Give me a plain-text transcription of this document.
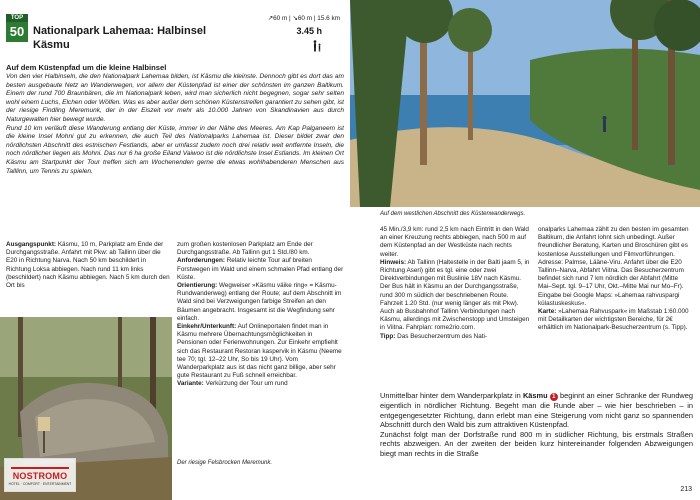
TOP
50
↗60 m | ↘60 m | 15.6 km
Nationalpark Lahemaa: Halbinsel
Käsmu
3.45 h
Auf dem Küstenpfad um die kleine Halbinsel

Von den vier Halbinseln, die den Nationalpark Lahemaa bilden, ist Käsmu die kleinste. Dennoch gibt es dort das am besten ausgebaute Netz an Wanderwegen, vor allem der Küstenpfad ist einer der schönsten im ganzen Baltikum. Einem der rund 700 Braunbären, die im Nationalpark leben, wird man sicherlich nicht begegnen, sogar sehr selten wohl einem Luchs, Elchen oder Wölfen. Was es aber außer dem schönen Küstenstreifen garantiert zu sehen gibt, ist der riesige Findling Meremunk, der in der Eiszeit vor mehr als 10.000 Jahren von Skandinavien aus durch Naturgewalten hier bewegt wurde.

Rund 10 km verläuft diese Wanderung entlang der Küste, immer in der Nähe des Meeres. Am Kap Palganeem ist die kleine Insel Mohni gut zu erkennen, die auch Teil des Nationalparks Lahemaa ist. Dieser bildet zwar den nördlichsten Abschnitt des estnischen Festlands, aber er umfasst zudem noch drei relativ weit entfernte Inseln, die noch nördlicher liegen als Mohni. Das nur 6 ha große Eiland Vaiwoo ist die nördlichste Insel Estlands. Im kleinen Ort Käsmu am Startpunkt der Tour treffen sich am Wochenenden gerne die etwas wohlhabenderen Menschen aus Talllinn, um Tennis zu spielen.

Ausgangspunkt: Käsmu, 10 m, Parkplatz am Ende der Durchgangsstraße. Anfahrt mit Pkw: ab Tallinn über die E20 in Richtung Narva. Nach 50 km beschildert in Richtung Loksa abbiegen. Nach rund 11 km links (beschildert) nach Käsmu abbiegen. Nach 5 km durch den Ort bis
zum großen kostenlosen Parkplatz am Ende der Durchgangsstraße. Ab Tallinn gut 1 Std./80 km.
Anforderungen: Relativ leichte Tour auf breiten Forstwegen im Wald und einem schmalen Pfad entlang der Küste.
Orientierung: Wegweiser »Käsmu väike ring« = Käsmu-Rundwanderweg) entlang der Route; auf dem Abschnitt im Wald sind bei Verzweigungen farbige Streifen an den Bäumen angebracht. Insgesamt ist die Wegfindung sehr einfach.
Einkehr/Unterkunft: Auf Onlineportalen findet man in Käsmu mehrere Übernachtungsmöglichkeiten in Pensionen oder Ferienwohnungen. Zur Einkehr empfiehlt sich das Restaurant Restoran kaspervik in Käsmu (Neeme tee 70; tgl. 12–22 Uhr, So bis 19 Uhr). Vom Wanderparkplatz aus ist das nicht ganz billige, aber sehr gute Restaurant zu Fuß schnell erreichbar.
Variante: Verkürzung der Tour um rund
Der riesige Felsbrocken Meremunk.
NOSTROMO
HOTEL · COMFORT · ENTERTAINMENT
Auf dem westlichen Abschnitt des Küstenwanderwegs.
45 Min./3,9 km: rund 2,5 km nach Eintritt in den Wald an einer Kreuzung rechts abbiegen, nach 500 m auf dem Küstenpfad an der Westküste nach rechts weiter.
Hinweis: Ab Tallinn (Haltestelle in der Balti jaam 5, in Richtung Aseri) gibt es tgl. eine oder zwei Direktverbindungen mit Buslinie 18V nach Käsmu. Der Bus hält in Käsmu an der Durchgangsstraße, rund 300 m südlich der beschriebenen Route. Fahrzeit 1.20 Std. (nur wenig länger als mit Pkw). Auch ab Busbahnhof Tallinn Verbindungen nach Käsmu, allerdings mit Zwischenstopp und Umsteigen in Viitna. Fahrplan: rome2rio.com.
Tipp: Das Besucherzentrum des Nati-
onalparks Lahemaa zählt zu den besten im gesamten Baltikum, die Anfahrt lohnt sich unbedingt. Außer freundlicher Beratung, Karten und Broschüren gibt es kostenlose Ausstellungen und Filmvorführungen. Adresse: Palmse, Lääne-Viru. Anfahrt über die E20 Tallinn–Narva, Abfahrt Viitna. Das Besucherzentrum befindet sich rund 7 km nördlich der Abfahrt (Mitte Mai–Sept. tgl. 9–17 Uhr, Okt.–Mitte Mai nur Mo–Fr). Eingabe bei Google Maps: »Lahemaa rahvuspargi külastuskeskus«.
Karte: »Lahemaa Rahvuspark« im Maßstab 1:60.000 mit Detailkarten der wichtigsten Bereiche, für 2€ erhältlich im Nationalpark-Besucherzentrum (s. Tipp).
Unmittelbar hinter dem Wanderparkplatz in Käsmu 1 beginnt an einer Schranke der Rundweg eigentlich in nördlicher Richtung. Begeht man die Runde aber – wie hier beschrieben – in entgegengesetzter Richtung, dann erlebt man eine Steigerung vom nicht ganz so spannenden Abschnitt durch den Wald bis zum attraktiven Küstenpfad.
Zunächst folgt man der Dorfstraße rund 800 m in südlicher Richtung, bis erstmals Straßen rechts abzweigen. An der zweiten der beiden kurz hintereinander folgenden Abzweigungen biegt man rechts in die Straße
213
